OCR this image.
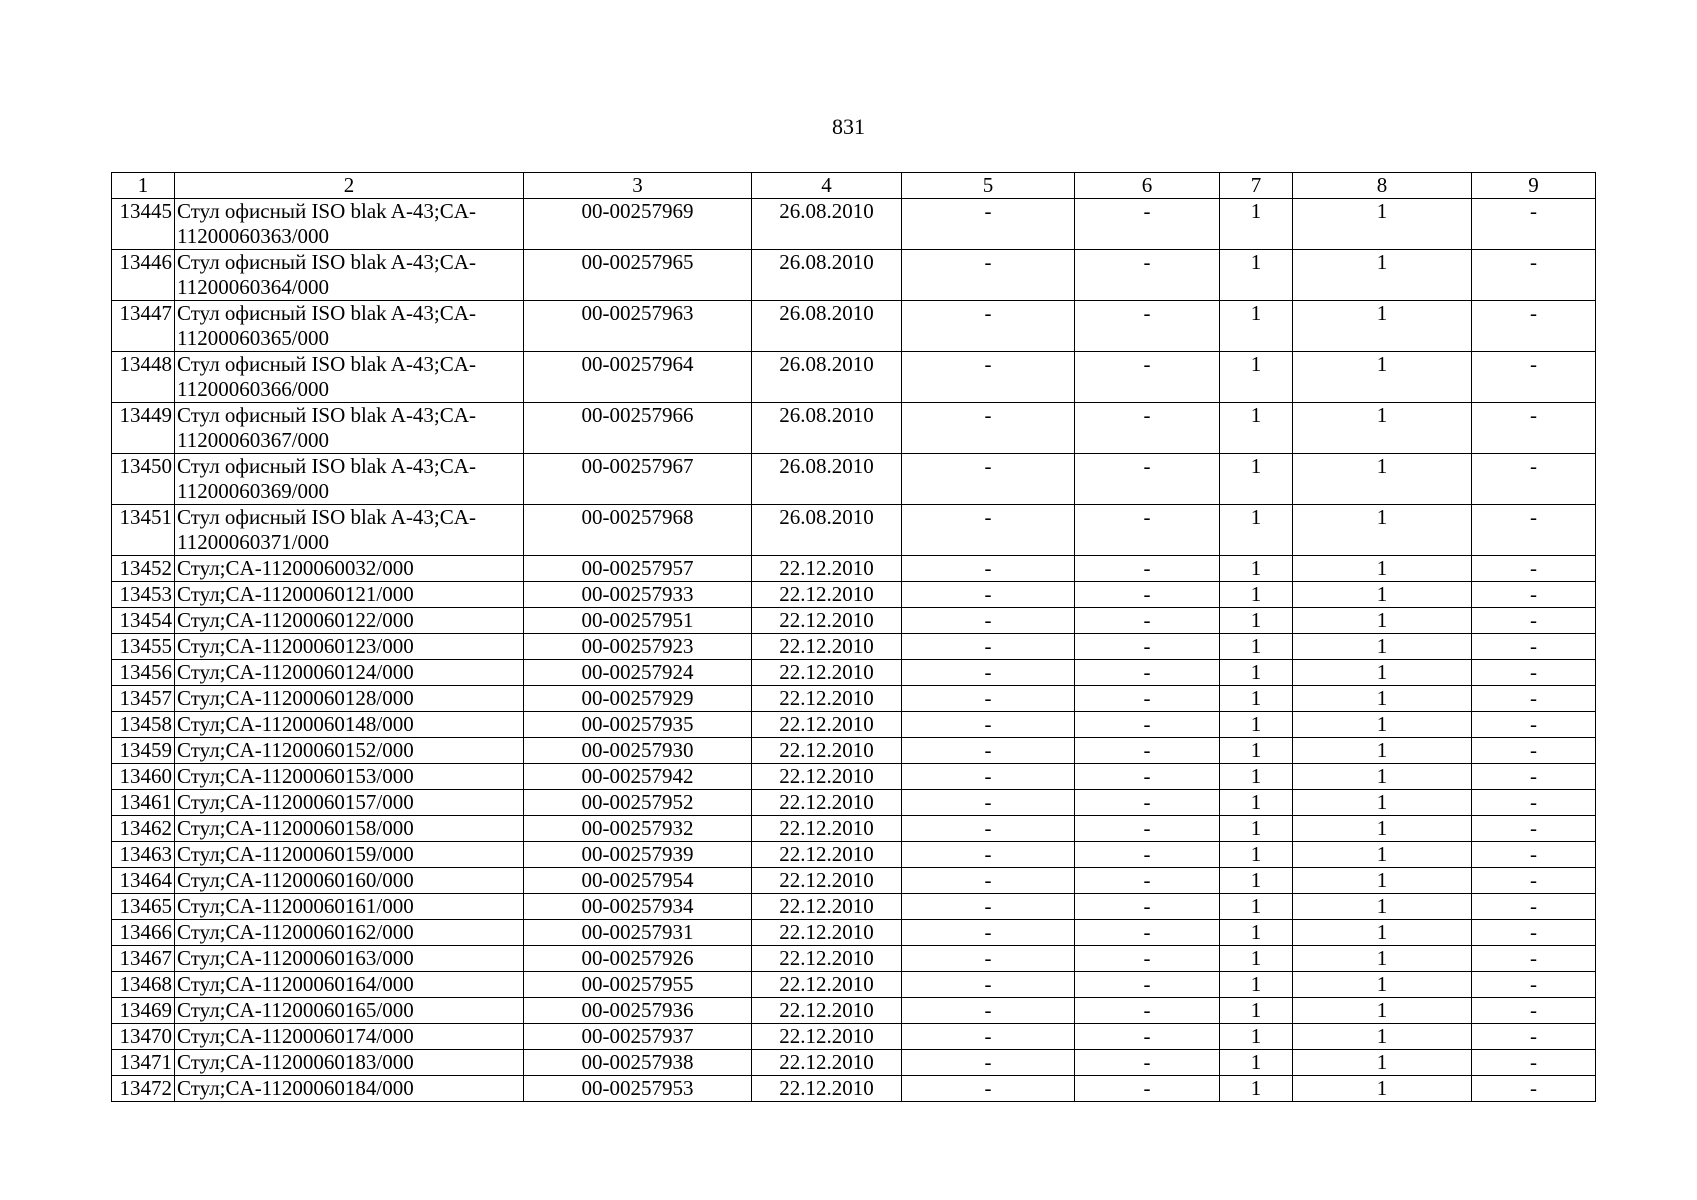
831
1	2	3	4	5	6	7	8	9
13445	Стул офисный ISO blak A-43;CA-11200060363/000	00-00257969	26.08.2010	-	-	1	1	-
13446	Стул офисный ISO blak A-43;CA-11200060364/000	00-00257965	26.08.2010	-	-	1	1	-
13447	Стул офисный ISO blak A-43;CA-11200060365/000	00-00257963	26.08.2010	-	-	1	1	-
13448	Стул офисный ISO blak A-43;CA-11200060366/000	00-00257964	26.08.2010	-	-	1	1	-
13449	Стул офисный ISO blak A-43;CA-11200060367/000	00-00257966	26.08.2010	-	-	1	1	-
13450	Стул офисный ISO blak A-43;CA-11200060369/000	00-00257967	26.08.2010	-	-	1	1	-
13451	Стул офисный ISO blak A-43;CA-11200060371/000	00-00257968	26.08.2010	-	-	1	1	-
13452	Стул;CA-11200060032/000	00-00257957	22.12.2010	-	-	1	1	-
13453	Стул;CA-11200060121/000	00-00257933	22.12.2010	-	-	1	1	-
13454	Стул;CA-11200060122/000	00-00257951	22.12.2010	-	-	1	1	-
13455	Стул;CA-11200060123/000	00-00257923	22.12.2010	-	-	1	1	-
13456	Стул;CA-11200060124/000	00-00257924	22.12.2010	-	-	1	1	-
13457	Стул;CA-11200060128/000	00-00257929	22.12.2010	-	-	1	1	-
13458	Стул;CA-11200060148/000	00-00257935	22.12.2010	-	-	1	1	-
13459	Стул;CA-11200060152/000	00-00257930	22.12.2010	-	-	1	1	-
13460	Стул;CA-11200060153/000	00-00257942	22.12.2010	-	-	1	1	-
13461	Стул;CA-11200060157/000	00-00257952	22.12.2010	-	-	1	1	-
13462	Стул;CA-11200060158/000	00-00257932	22.12.2010	-	-	1	1	-
13463	Стул;CA-11200060159/000	00-00257939	22.12.2010	-	-	1	1	-
13464	Стул;CA-11200060160/000	00-00257954	22.12.2010	-	-	1	1	-
13465	Стул;CA-11200060161/000	00-00257934	22.12.2010	-	-	1	1	-
13466	Стул;CA-11200060162/000	00-00257931	22.12.2010	-	-	1	1	-
13467	Стул;CA-11200060163/000	00-00257926	22.12.2010	-	-	1	1	-
13468	Стул;CA-11200060164/000	00-00257955	22.12.2010	-	-	1	1	-
13469	Стул;CA-11200060165/000	00-00257936	22.12.2010	-	-	1	1	-
13470	Стул;CA-11200060174/000	00-00257937	22.12.2010	-	-	1	1	-
13471	Стул;CA-11200060183/000	00-00257938	22.12.2010	-	-	1	1	-
13472	Стул;CA-11200060184/000	00-00257953	22.12.2010	-	-	1	1	-
